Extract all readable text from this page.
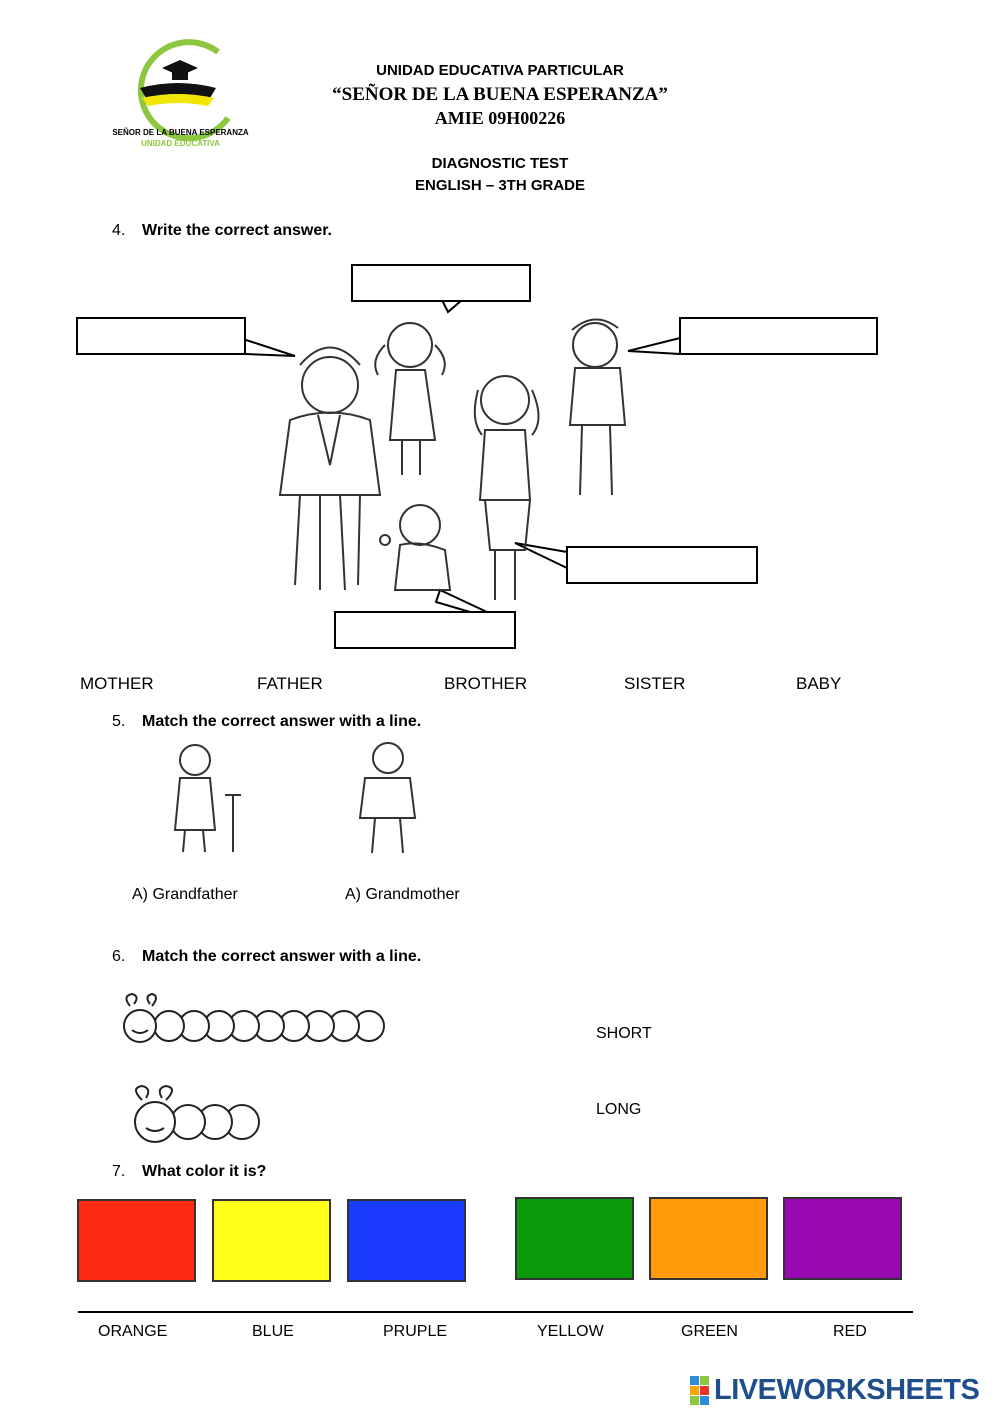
SEÑOR DE LA BUENA ESPERANZA
UNIDAD EDUCATIVA
UNIDAD EDUCATIVA PARTICULAR
“SEÑOR DE LA BUENA ESPERANZA”
AMIE 09H00226
DIAGNOSTIC TEST
ENGLISH – 3TH GRADE
4. Write the correct answer.
MOTHER	FATHER	BROTHER	SISTER	BABY
5. Match the correct answer with a line.
A) Grandfather	A) Grandmother
6. Match the correct answer with a line.
SHORT
LONG
7. What color it is?
ORANGE	BLUE	PRUPLE	YELLOW	GREEN	RED
LIVEWORKSHEETS
